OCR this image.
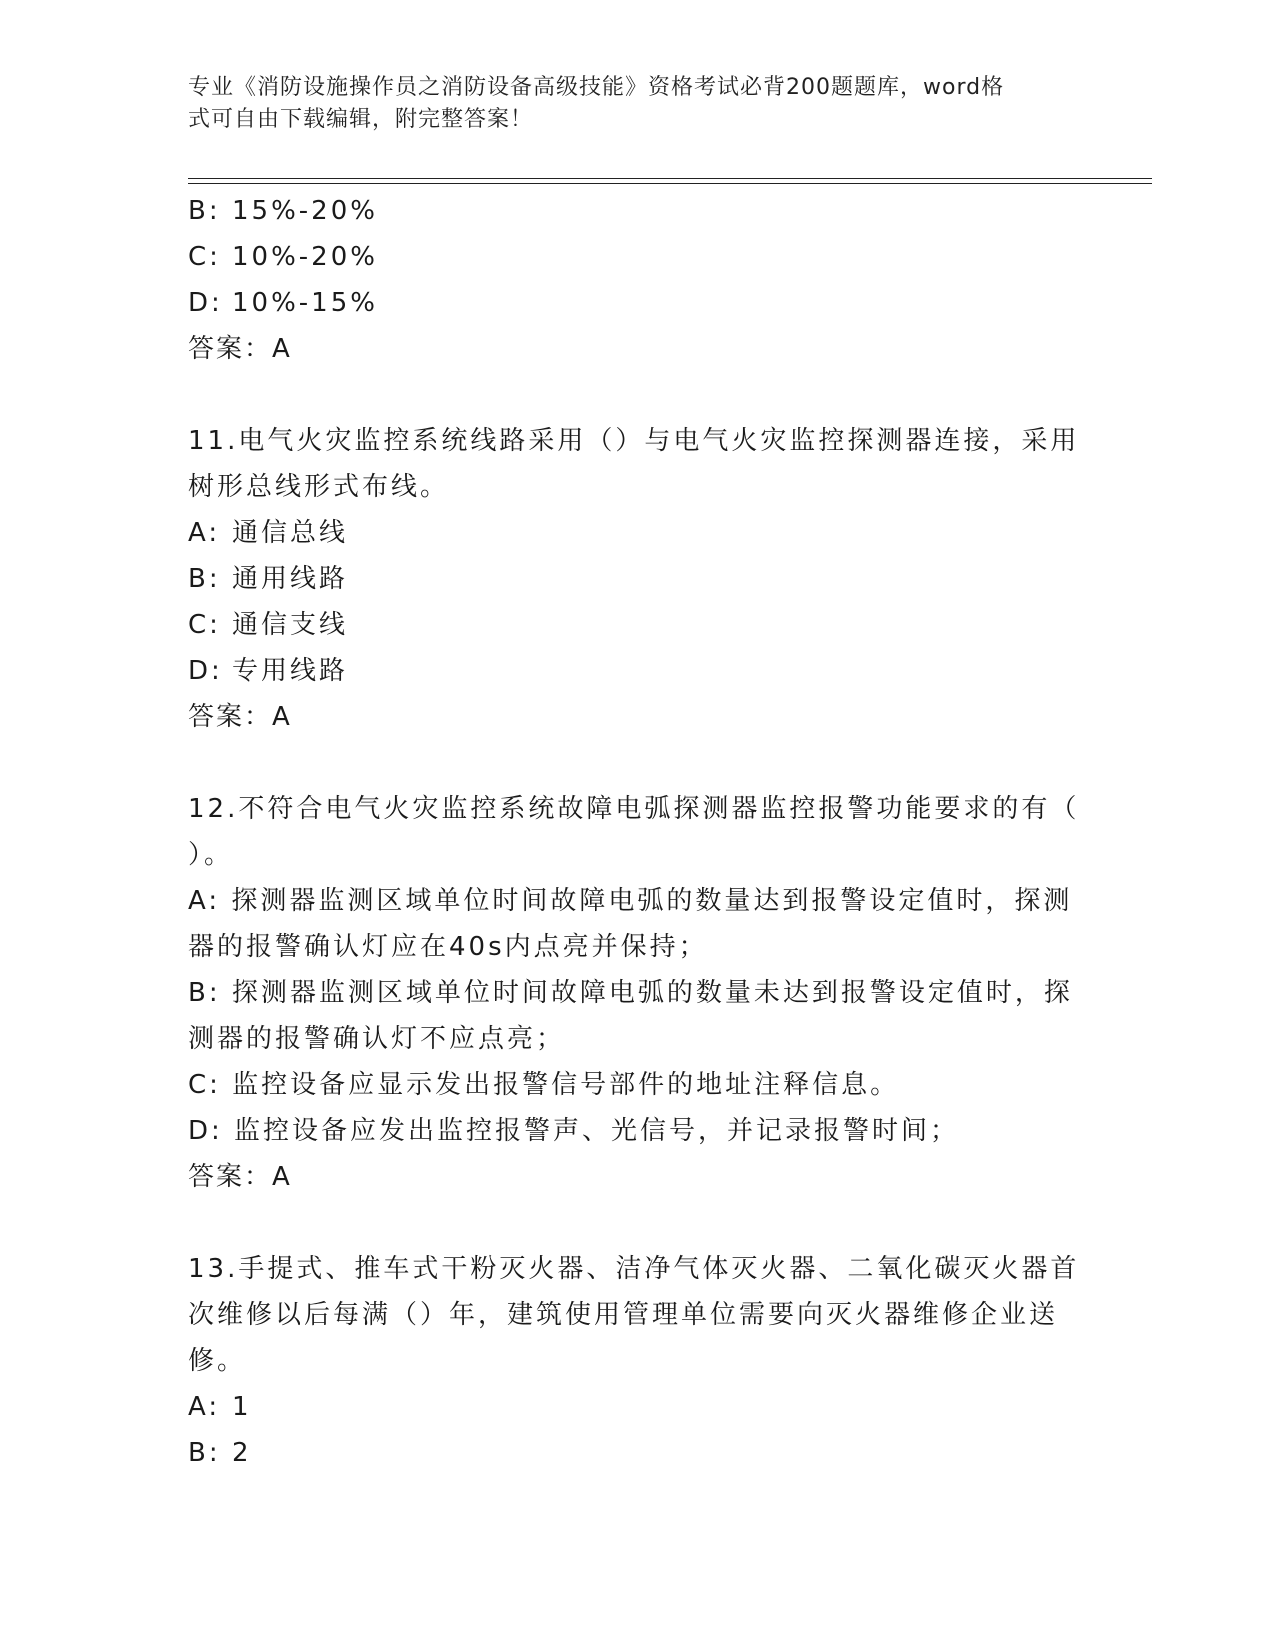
专业《消防设施操作员之消防设备高级技能》资格考试必背200题题库，word格
式可自由下载编辑，附完整答案！
B: 15%-20%
C: 10%-20%
D: 10%-15%
答案：A
11.电气火灾监控系统线路采用（）与电气火灾监控探测器连接，采用
树形总线形式布线。
A: 通信总线
B: 通用线路
C: 通信支线
D: 专用线路
答案：A
12.不符合电气火灾监控系统故障电弧探测器监控报警功能要求的有（
）。
A: 探测器监测区域单位时间故障电弧的数量达到报警设定值时，探测
器的报警确认灯应在40s内点亮并保持；
B: 探测器监测区域单位时间故障电弧的数量未达到报警设定值时，探
测器的报警确认灯不应点亮；
C: 监控设备应显示发出报警信号部件的地址注释信息。
D: 监控设备应发出监控报警声、光信号，并记录报警时间；
答案：A
13.手提式、推车式干粉灭火器、洁净气体灭火器、二氧化碳灭火器首
次维修以后每满（）年，建筑使用管理单位需要向灭火器维修企业送
修。
A: 1
B: 2
